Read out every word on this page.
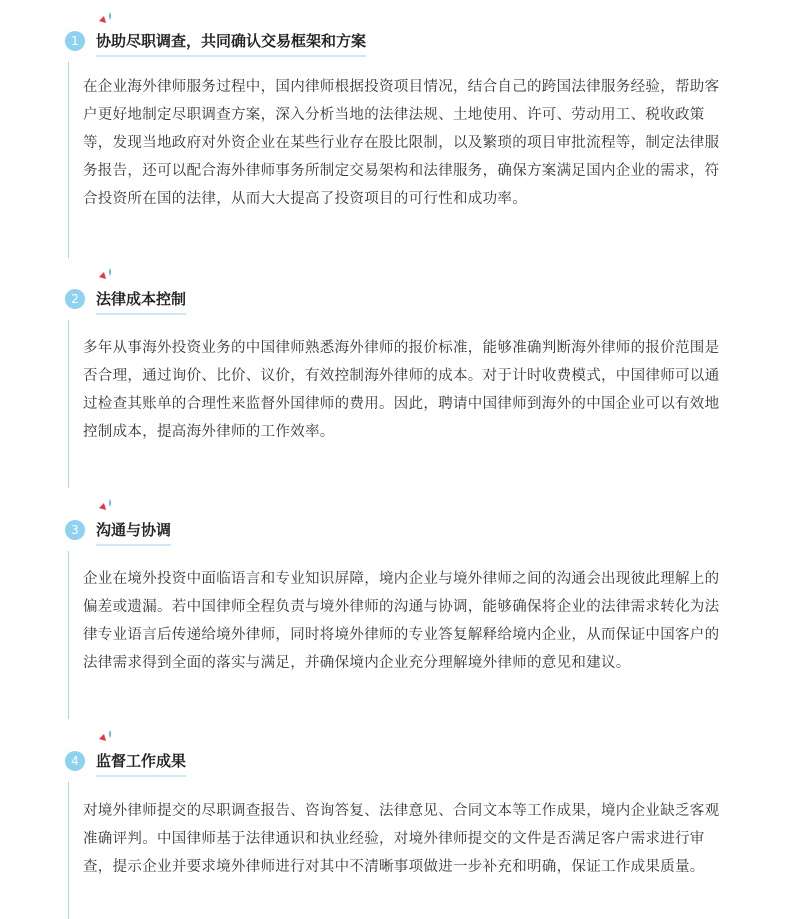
1	协助尽职调查，共同确认交易框架和方案
在企业海外律师服务过程中，国内律师根据投资项目情况，结合自己的跨国法律服务经验，帮助客户更好地制定尽职调查方案，深入分析当地的法律法规、土地使用、许可、劳动用工、税收政策等，发现当地政府对外资企业在某些行业存在股比限制，以及繁琐的项目审批流程等，制定法律服务报告，还可以配合海外律师事务所制定交易架构和法律服务，确保方案满足国内企业的需求，符合投资所在国的法律，从而大大提高了投资项目的可行性和成功率。
2	法律成本控制
多年从事海外投资业务的中国律师熟悉海外律师的报价标准，能够准确判断海外律师的报价范围是否合理，通过询价、比价、议价，有效控制海外律师的成本。对于计时收费模式，中国律师可以通过检查其账单的合理性来监督外国律师的费用。因此，聘请中国律师到海外的中国企业可以有效地控制成本，提高海外律师的工作效率。
3	沟通与协调
企业在境外投资中面临语言和专业知识屏障，境内企业与境外律师之间的沟通会出现彼此理解上的偏差或遗漏。若中国律师全程负责与境外律师的沟通与协调，能够确保将企业的法律需求转化为法律专业语言后传递给境外律师，同时将境外律师的专业答复解释给境内企业，从而保证中国客户的法律需求得到全面的落实与满足，并确保境内企业充分理解境外律师的意见和建议。
4	监督工作成果
对境外律师提交的尽职调查报告、咨询答复、法律意见、合同文本等工作成果，境内企业缺乏客观准确评判。中国律师基于法律通识和执业经验，对境外律师提交的文件是否满足客户需求进行审查，提示企业并要求境外律师进行对其中不清晰事项做进一步补充和明确，保证工作成果质量。
